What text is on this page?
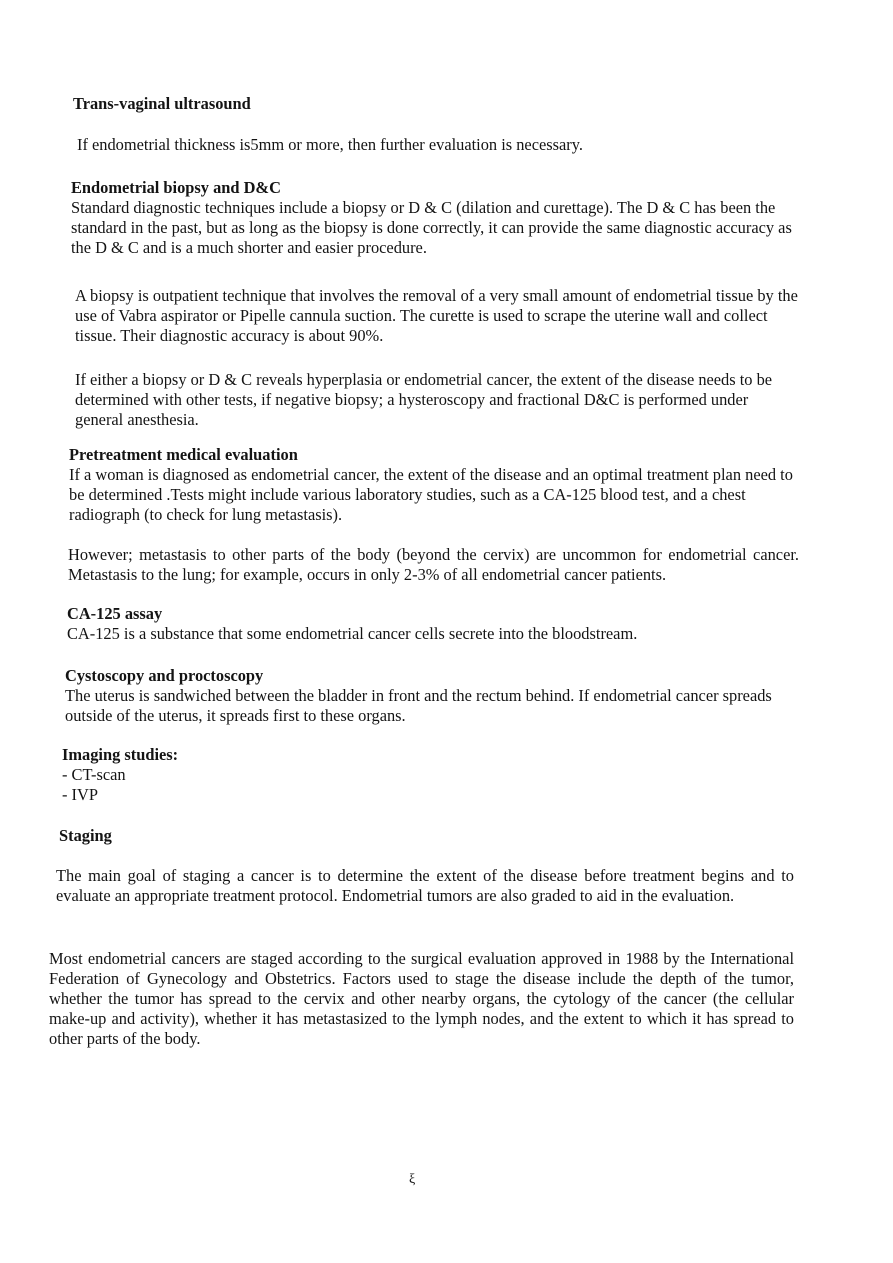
Trans-vaginal ultrasound
If endometrial thickness is5mm or more, then further evaluation is necessary.
Endometrial biopsy and D&C
Standard diagnostic techniques include a biopsy or D & C (dilation and curettage). The D & C has been the standard in the past, but as long as the biopsy is done correctly, it can provide the same diagnostic accuracy as the D & C and is a much shorter and easier procedure.
A biopsy is outpatient technique that involves the removal of a very small amount of endometrial tissue by the use of Vabra aspirator or Pipelle cannula suction. The curette is used to scrape the uterine wall and collect tissue. Their diagnostic accuracy is about 90%.
If either a biopsy or D & C reveals hyperplasia or endometrial cancer, the extent of the disease needs to be determined with other tests, if negative biopsy; a hysteroscopy and fractional D&C is performed under general anesthesia.
Pretreatment medical evaluation
If a woman is diagnosed as endometrial cancer, the extent of the disease and an optimal treatment plan need to be determined .Tests might include various laboratory studies, such as a CA-125 blood test, and a chest radiograph (to check for lung metastasis).
However; metastasis to other parts of the body (beyond the cervix) are uncommon for endometrial cancer. Metastasis to the lung; for example, occurs in only 2-3% of all endometrial cancer patients.
CA-125 assay
CA-125 is a substance that some endometrial cancer cells secrete into the bloodstream.
Cystoscopy and proctoscopy
The uterus is sandwiched between the bladder in front and the rectum behind. If endometrial cancer spreads outside of the uterus, it spreads first to these organs.
Imaging studies:
- CT-scan
- IVP
Staging
The main goal of staging a cancer is to determine the extent of the disease before treatment begins and to evaluate an appropriate treatment protocol. Endometrial tumors are also graded to aid in the evaluation.
Most endometrial cancers are staged according to the surgical evaluation approved in 1988 by the International Federation of Gynecology and Obstetrics. Factors used to stage the disease include the depth of the tumor, whether the tumor has spread to the cervix and other nearby organs, the cytology of the cancer (the cellular make-up and activity), whether it has metastasized to the lymph nodes, and the extent to which it has spread to other parts of the body.
ξ
